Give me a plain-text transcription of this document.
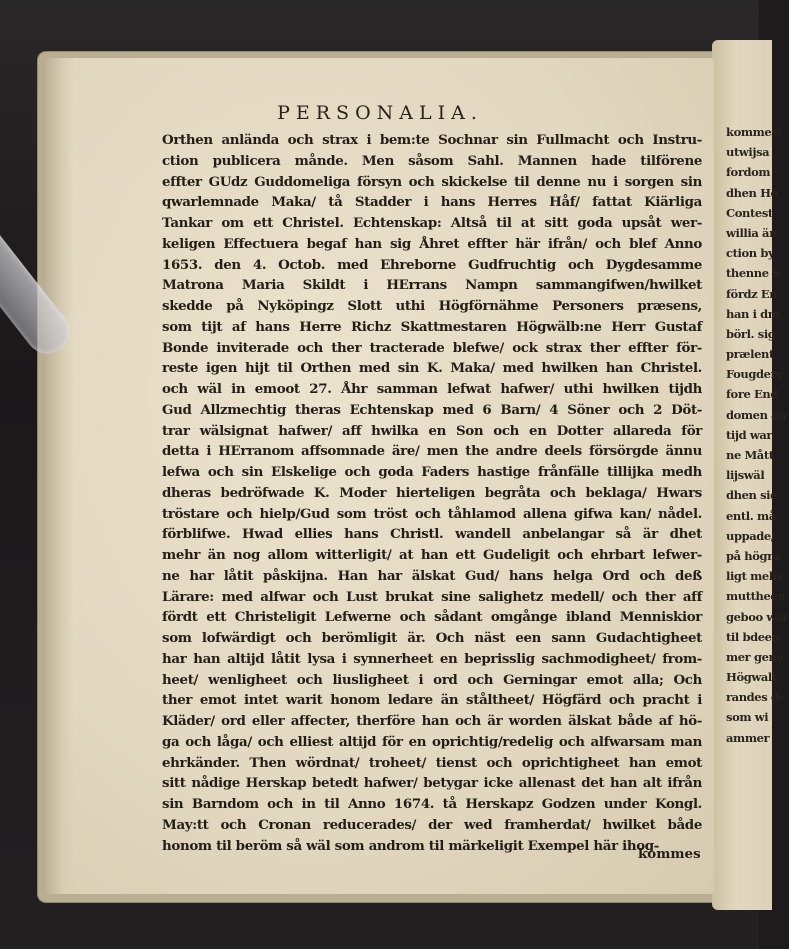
kommes/
utwijsa
fordom
dhen Hö
Contest
willia än
ction by
thenne S
fördz En
han i dm
börl. sig
prælent
Fougdery
fore End
domen an
tijd war
ne Mått
lijswäl
dhen sie
entl. må
uppade/
på högra
ligt mehr
muttheen
geboo war
til bdeen
mer gene
Högwalr
randes de
som wi
ammer
PERSONALIA.
Orthen anlända och strax i bem:te Sochnar sin Fullmacht och Instru-
ction publicera månde. Men såsom Sahl. Mannen hade tilförene
effter GUdz Guddomeliga försyn och skickelse til denne nu i sorgen sin
qwarlemnade Maka/ tå Stadder i hans Herres Håf/ fattat Kiärliga
Tankar om ett Christel. Echtenskap: Altså til at sitt goda upsåt wer-
keligen Effectuera begaf han sig Åhret effter här ifrån/ och blef Anno
1653. den 4. Octob. med Ehreborne Gudfruchtig och Dygdesamme
Matrona Maria Skildt i HErrans Nampn sammangifwen/hwilket
skedde på Nyköpingz Slott uthi Högförnähme Personers præsens,
som tijt af hans Herre Richz Skattmestaren Högwälb:ne Herr Gustaf
Bonde inviterade och ther tracterade blefwe/ ock strax ther effter för-
reste igen hijt til Orthen med sin K. Maka/ med hwilken han Christel.
och wäl in emoot 27. Åhr samman lefwat hafwer/ uthi hwilken tijdh
Gud Allzmechtig theras Echtenskap med 6 Barn/ 4 Söner och 2 Döt-
trar wälsignat hafwer/ aff hwilka en Son och en Dotter allareda för
detta i HErranom affsomnade äre/ men the andre deels försörgde ännu
lefwa och sin Elskelige och goda Faders hastige frånfälle tillijka medh
dheras bedröfwade K. Moder hierteligen begråta och beklaga/ Hwars
tröstare och hielp/Gud som tröst och tåhlamod allena gifwa kan/ nådel.
förblifwe. Hwad ellies hans Christl. wandell anbelangar så är dhet
mehr än nog allom witterligit/ at han ett Gudeligit och ehrbart lefwer-
ne har låtit påskijna. Han har älskat Gud/ hans helga Ord och deß
Lärare: med alfwar och Lust brukat sine salighetz medell/ och ther aff
fördt ett Christeligit Lefwerne och sådant omgånge ibland Menniskior
som lofwärdigt och berömligit är. Och näst een sann Gudachtigheet
har han altijd låtit lysa i synnerheet en beprisslig sachmodigheet/ from-
heet/ wenligheet och liusligheet i ord och Gerningar emot alla; Och
ther emot intet warit honom ledare än ståltheet/ Högfärd och pracht i
Kläder/ ord eller affecter, therföre han och är worden älskat både af hö-
ga och låga/ och elliest altijd för en oprichtig/redelig och alfwarsam man
ehrkänder. Then wördnat/ troheet/ tienst och oprichtigheet han emot
sitt nådige Herskap betedt hafwer/ betygar icke allenast det han alt ifrån
sin Barndom och in til Anno 1674. tå Herskapz Godzen under Kongl.
May:tt och Cronan reducerades/ der wed framherdat/ hwilket både
honom til beröm så wäl som androm til märkeligit Exempel här ihog-
kommes
